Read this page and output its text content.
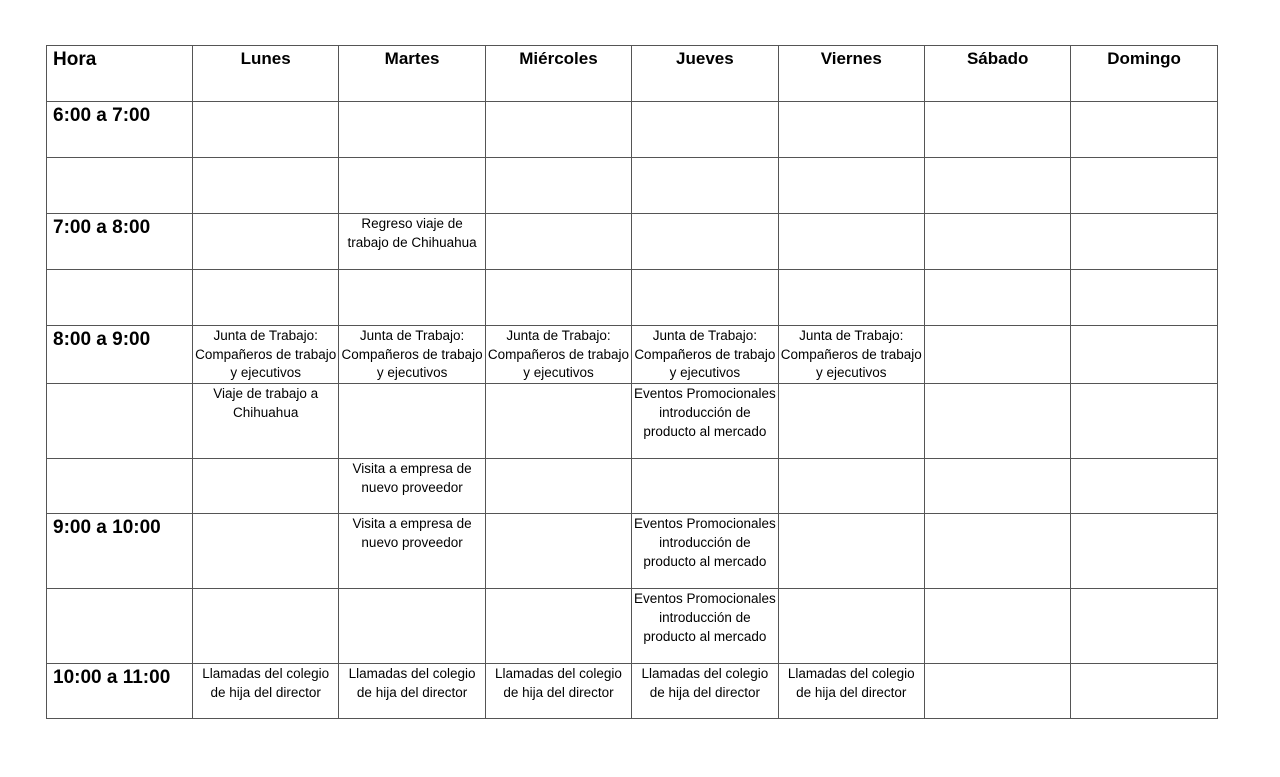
Hora	Lunes	Martes	Miércoles	Jueves	Viernes	Sábado	Domingo
6:00 a 7:00							

7:00 a 8:00		Regreso viaje de trabajo de Chihuahua					

8:00 a 9:00	Junta de Trabajo: Compañeros de trabajo y ejecutivos	Junta de Trabajo: Compañeros de trabajo y ejecutivos	Junta de Trabajo: Compañeros de trabajo y ejecutivos	Junta de Trabajo: Compañeros de trabajo y ejecutivos	Junta de Trabajo: Compañeros de trabajo y ejecutivos		
	Viaje de trabajo a Chihuahua			Eventos Promocionales introducción de producto al mercado			
		Visita a empresa de nuevo proveedor					
9:00 a 10:00		Visita a empresa de nuevo proveedor		Eventos Promocionales introducción de producto al mercado			
				Eventos Promocionales introducción de producto al mercado			
10:00 a 11:00	Llamadas del colegio de hija del director	Llamadas del colegio de hija del director	Llamadas del colegio de hija del director	Llamadas del colegio de hija del director	Llamadas del colegio de hija del director		
